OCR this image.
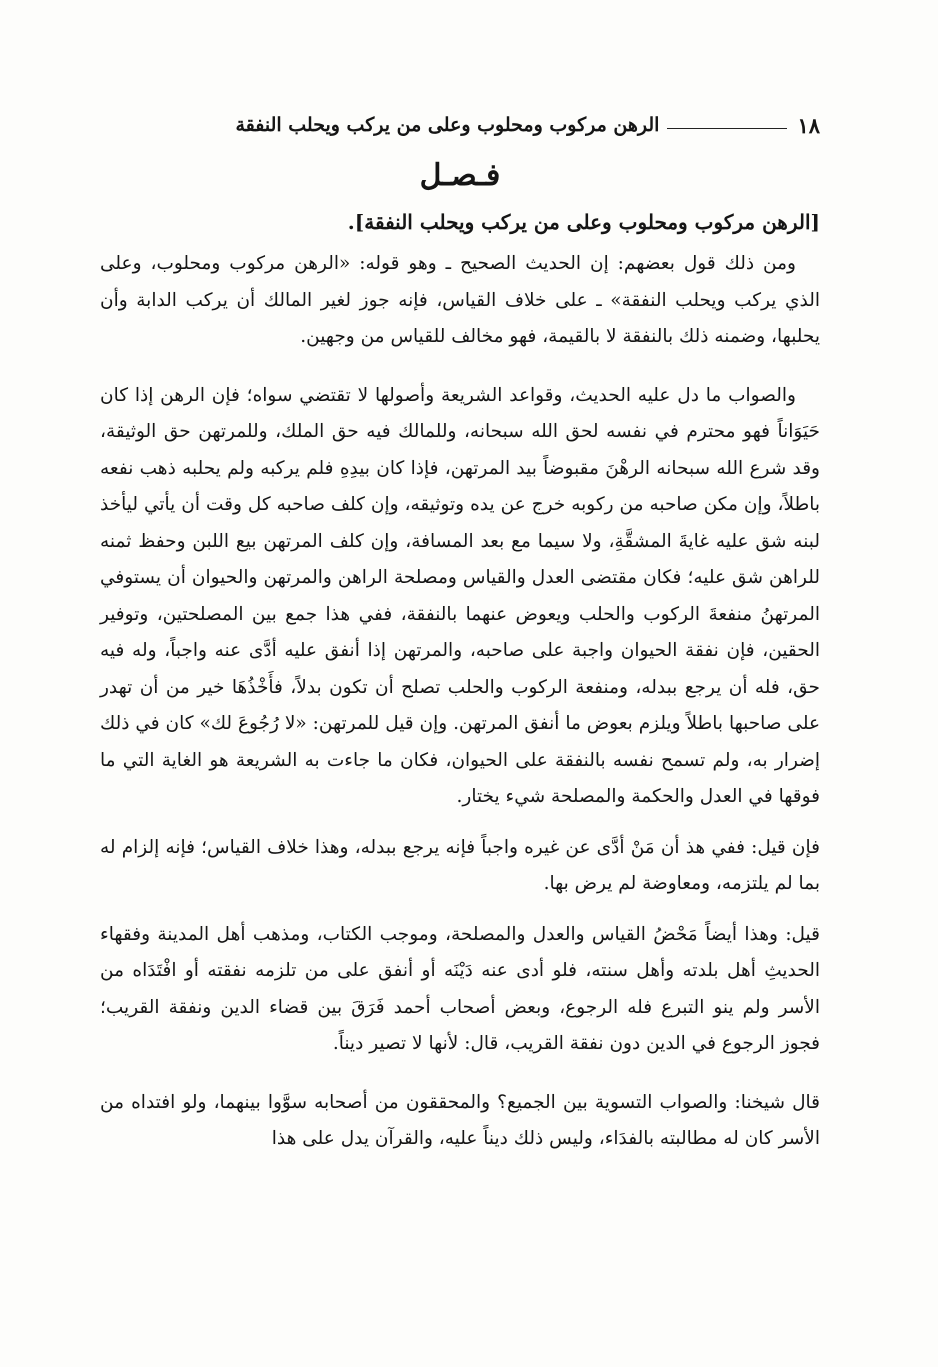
١٨
الرهن مركوب ومحلوب وعلى من يركب ويحلب النفقة
فـصـل
[الرهن مركوب ومحلوب وعلى من يركب ويحلب النفقة].

ومن ذلك قول بعضهم: إن الحديث الصحيح ـ وهو قوله: «الرهن مركوب ومحلوب، وعلى الذي يركب ويحلب النفقة» ـ على خلاف القياس، فإنه جوز لغير المالك أن يركب الدابة وأن يحلبها، وضمنه ذلك بالنفقة لا بالقيمة، فهو مخالف للقياس من وجهين.

والصواب ما دل عليه الحديث، وقواعد الشريعة وأصولها لا تقتضي سواه؛ فإن الرهن إذا كان حَيَوَاناً فهو محترم في نفسه لحق الله سبحانه، وللمالك فيه حق الملك، وللمرتهن حق الوثيقة، وقد شرع الله سبحانه الرهْنَ مقبوضاً بيد المرتهن، فإذا كان بيدِهِ فلم يركبه ولم يحلبه ذهب نفعه باطلاً، وإن مكن صاحبه من ركوبه خرج عن يده وتوثيقه، وإن كلف صاحبه كل وقت أن يأتي ليأخذ لبنه شق عليه غايةَ المشقَّةِ، ولا سيما مع بعد المسافة، وإن كلف المرتهن بيع اللبن وحفظ ثمنه للراهن شق عليه؛ فكان مقتضى العدل والقياس ومصلحة الراهن والمرتهن والحيوان أن يستوفي المرتهنُ منفعةَ الركوب والحلب ويعوض عنهما بالنفقة، ففي هذا جمع بين المصلحتين، وتوفير الحقين، فإن نفقة الحيوان واجبة على صاحبه، والمرتهن إذا أنفق عليه أدَّى عنه واجباً، وله فيه حق، فله أن يرجع ببدله، ومنفعة الركوب والحلب تصلح أن تكون بدلاً، فأَخْذُهَا خير من أن تهدر على صاحبها باطلاً ويلزم بعوض ما أنفق المرتهن. وإن قيل للمرتهن: «لا رُجُوعَ لك» كان في ذلك إضرار به، ولم تسمح نفسه بالنفقة على الحيوان، فكان ما جاءت به الشريعة هو الغاية التي ما فوقها في العدل والحكمة والمصلحة شيء يختار.

فإن قيل: ففي هذ أن مَنْ أدَّى عن غيره واجباً فإنه يرجع ببدله، وهذا خلاف القياس؛ فإنه إلزام له بما لم يلتزمه، ومعاوضة لم يرض بها.

قيل: وهذا أيضاً مَحْضُ القياس والعدل والمصلحة، وموجب الكتاب، ومذهب أهل المدينة وفقهاء الحديثِ أهل بلدته وأهل سنته، فلو أدى عنه دَيْنَه أو أنفق على من تلزمه نفقته أو افْتَدَاه من الأسر ولم ينو التبرع فله الرجوع، وبعض أصحاب أحمد فَرَقَ بين قضاء الدين ونفقة القريب؛ فجوز الرجوع في الدين دون نفقة القريب، قال: لأنها لا تصير ديناً.

قال شيخنا: والصواب التسوية بين الجميع؟ والمحققون من أصحابه سوَّوا بينهما، ولو افتداه من الأسر كان له مطالبته بالفدَاء، وليس ذلك ديناً عليه، والقرآن يدل على هذا
